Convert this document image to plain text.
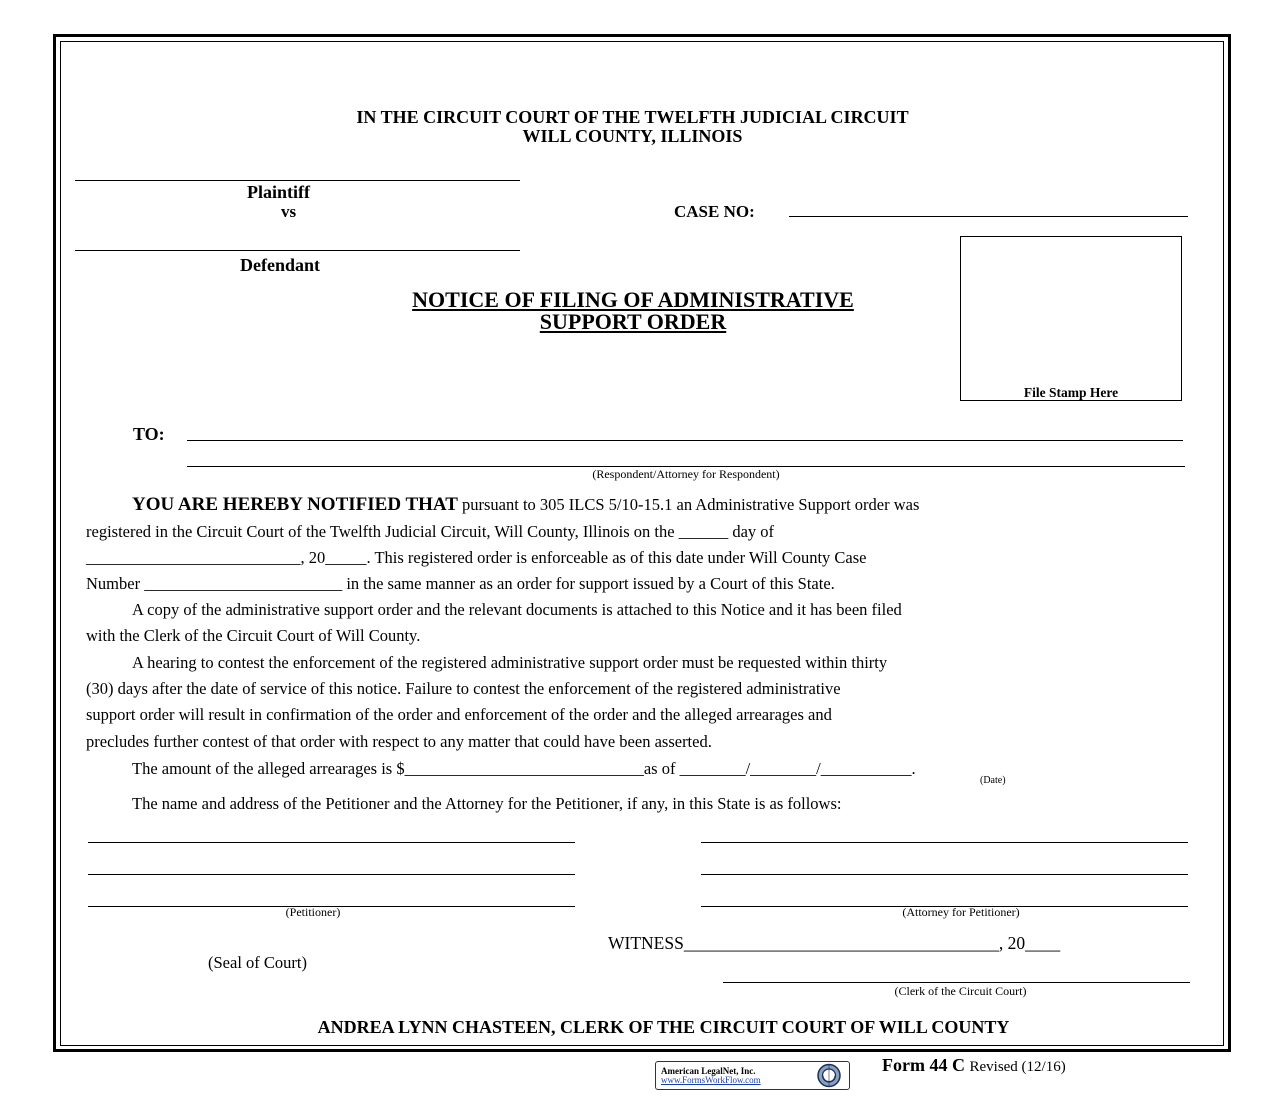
IN THE CIRCUIT COURT OF THE TWELFTH JUDICIAL CIRCUIT
WILL COUNTY, ILLINOIS
Plaintiff
vs	CASE NO:
Defendant
NOTICE OF FILING OF ADMINISTRATIVE
SUPPORT ORDER
File Stamp Here
TO:
(Respondent/Attorney for Respondent)
YOU ARE HEREBY NOTIFIED THAT pursuant to 305 ILCS 5/10-15.1 an Administrative Support order was
registered in the Circuit Court of the Twelfth Judicial Circuit, Will County, Illinois on the ______ day of
__________________________, 20_____. This registered order is enforceable as of this date under Will County Case
Number ________________________ in the same manner as an order for support issued by a Court of this State.
A copy of the administrative support order and the relevant documents is attached to this Notice and it has been filed
with the Clerk of the Circuit Court of Will County.
A hearing to contest the enforcement of the registered administrative support order must be requested within thirty
(30) days after the date of service of this notice. Failure to contest the enforcement of the registered administrative
support order will result in confirmation of the order and enforcement of the order and the alleged arrearages and
precludes further contest of that order with respect to any matter that could have been asserted.
The amount of the alleged arrearages is $_____________________________as of ________/________/___________.
(Date)
The name and address of the Petitioner and the Attorney for the Petitioner, if any, in this State is as follows:
(Petitioner)	(Attorney for Petitioner)
(Seal of Court)
WITNESS____________________________________, 20____
(Clerk of the Circuit Court)
ANDREA LYNN CHASTEEN, CLERK OF THE CIRCUIT COURT OF WILL COUNTY
American LegalNet, Inc.
www.FormsWorkFlow.com
Form 44 C Revised (12/16)
